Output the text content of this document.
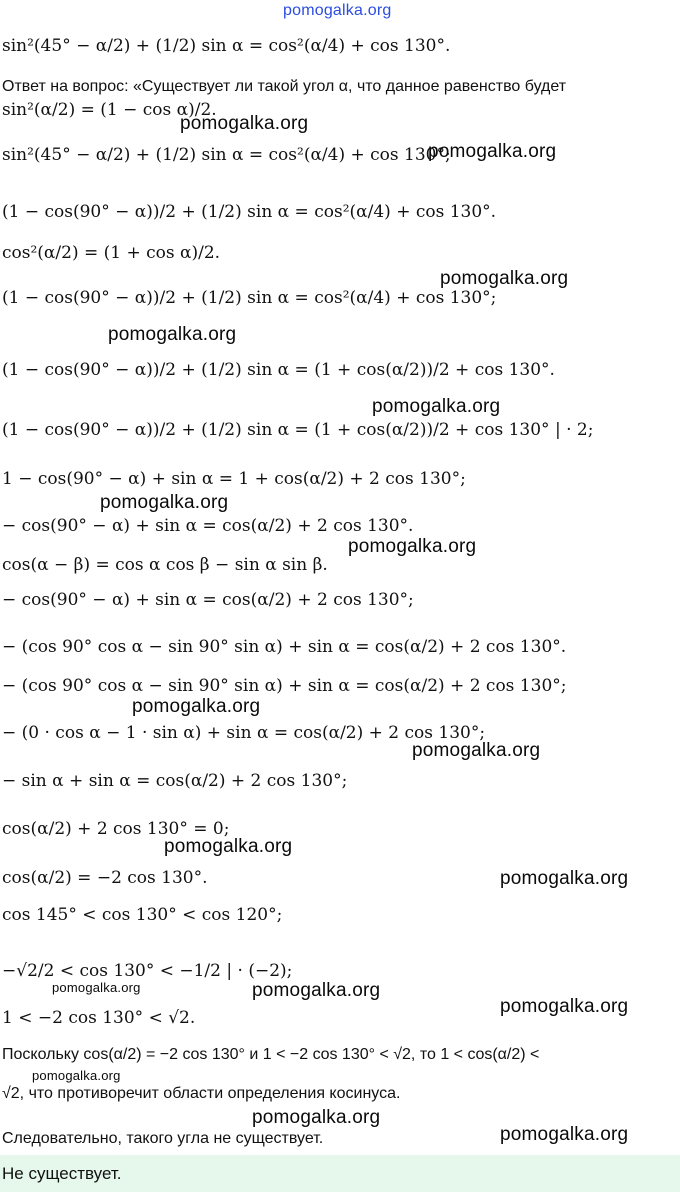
pomogalka.org
sin²(45° − α/2) + (1/2) sin α = cos²(α/4) + cos 130°.
Ответ на вопрос: «Существует ли такой угол α, что данное равенство будет
sin²(α/2) = (1 − cos α)/2.
sin²(45° − α/2) + (1/2) sin α = cos²(α/4) + cos 130°;
(1 − cos(90° − α))/2 + (1/2) sin α = cos²(α/4) + cos 130°.
cos²(α/2) = (1 + cos α)/2.
(1 − cos(90° − α))/2 + (1/2) sin α = cos²(α/4) + cos 130°;
(1 − cos(90° − α))/2 + (1/2) sin α = (1 + cos(α/2))/2 + cos 130°.
(1 − cos(90° − α))/2 + (1/2) sin α = (1 + cos(α/2))/2 + cos 130° | · 2;
1 − cos(90° − α) + sin α = 1 + cos(α/2) + 2 cos 130°;
− cos(90° − α) + sin α = cos(α/2) + 2 cos 130°.
cos(α − β) = cos α cos β − sin α sin β.
− cos(90° − α) + sin α = cos(α/2) + 2 cos 130°;
− (cos 90° cos α − sin 90° sin α) + sin α = cos(α/2) + 2 cos 130°.
− (cos 90° cos α − sin 90° sin α) + sin α = cos(α/2) + 2 cos 130°;
− (0 · cos α − 1 · sin α) + sin α = cos(α/2) + 2 cos 130°;
− sin α + sin α = cos(α/2) + 2 cos 130°;
cos(α/2) + 2 cos 130° = 0;
cos(α/2) = −2 cos 130°.
cos 145° < cos 130° < cos 120°;
−√2/2 < cos 130° < −1/2 | · (−2);
1 < −2 cos 130° < √2.
Поскольку cos(α/2) = −2 cos 130° и 1 < −2 cos 130° < √2, то 1 < cos(α/2) <
√2, что противоречит области определения косинуса.
Следовательно, такого угла не существует.
pomogalka.org
pomogalka.org
pomogalka.org
pomogalka.org
pomogalka.org
pomogalka.org
pomogalka.org
pomogalka.org
pomogalka.org
pomogalka.org
pomogalka.org
pomogalka.org	pomogalka.org
pomogalka.org
pomogalka.org
pomogalka.org
pomogalka.org
Не существует.
